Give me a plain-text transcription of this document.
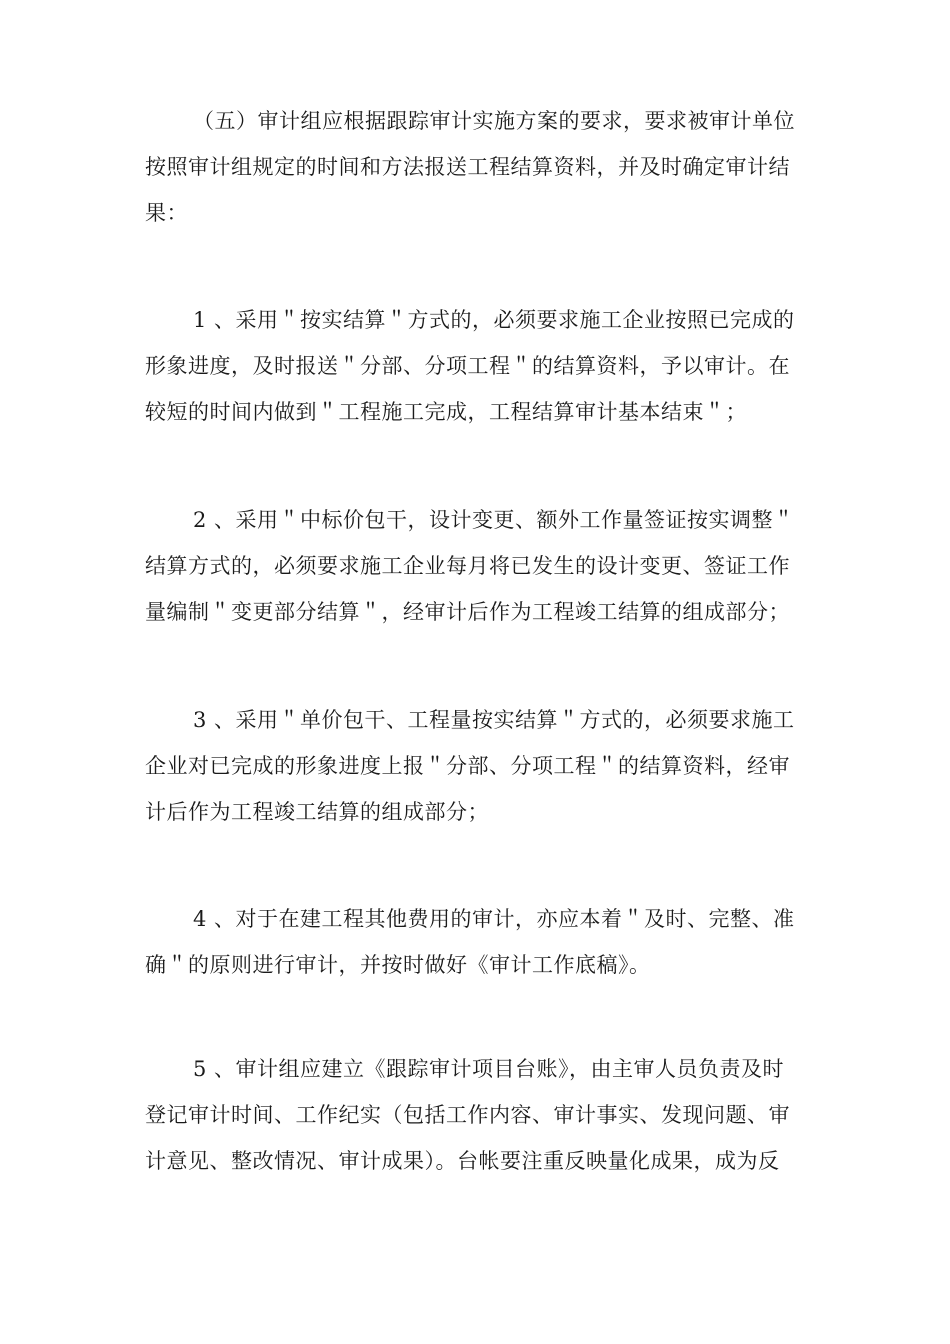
（五）审计组应根据跟踪审计实施方案的要求，要求被审计单位
按照审计组规定的时间和方法报送工程结算资料，并及时确定审计结
果：
1 、采用＂按实结算＂方式的，必须要求施工企业按照已完成的
形象进度，及时报送＂分部、分项工程＂的结算资料，予以审计。在
较短的时间内做到＂工程施工完成，工程结算审计基本结束＂；
2 、采用＂中标价包干，设计变更、额外工作量签证按实调整＂
结算方式的，必须要求施工企业每月将已发生的设计变更、签证工作
量编制＂变更部分结算＂，经审计后作为工程竣工结算的组成部分；
3 、采用＂单价包干、工程量按实结算＂方式的，必须要求施工
企业对已完成的形象进度上报＂分部、分项工程＂的结算资料，经审
计后作为工程竣工结算的组成部分；
4 、对于在建工程其他费用的审计，亦应本着＂及时、完整、准
确＂的原则进行审计，并按时做好《审计工作底稿》。
5 、审计组应建立《跟踪审计项目台账》，由主审人员负责及时
登记审计时间、工作纪实（包括工作内容、审计事实、发现问题、审
计意见、整改情况、审计成果）。台帐要注重反映量化成果，成为反
